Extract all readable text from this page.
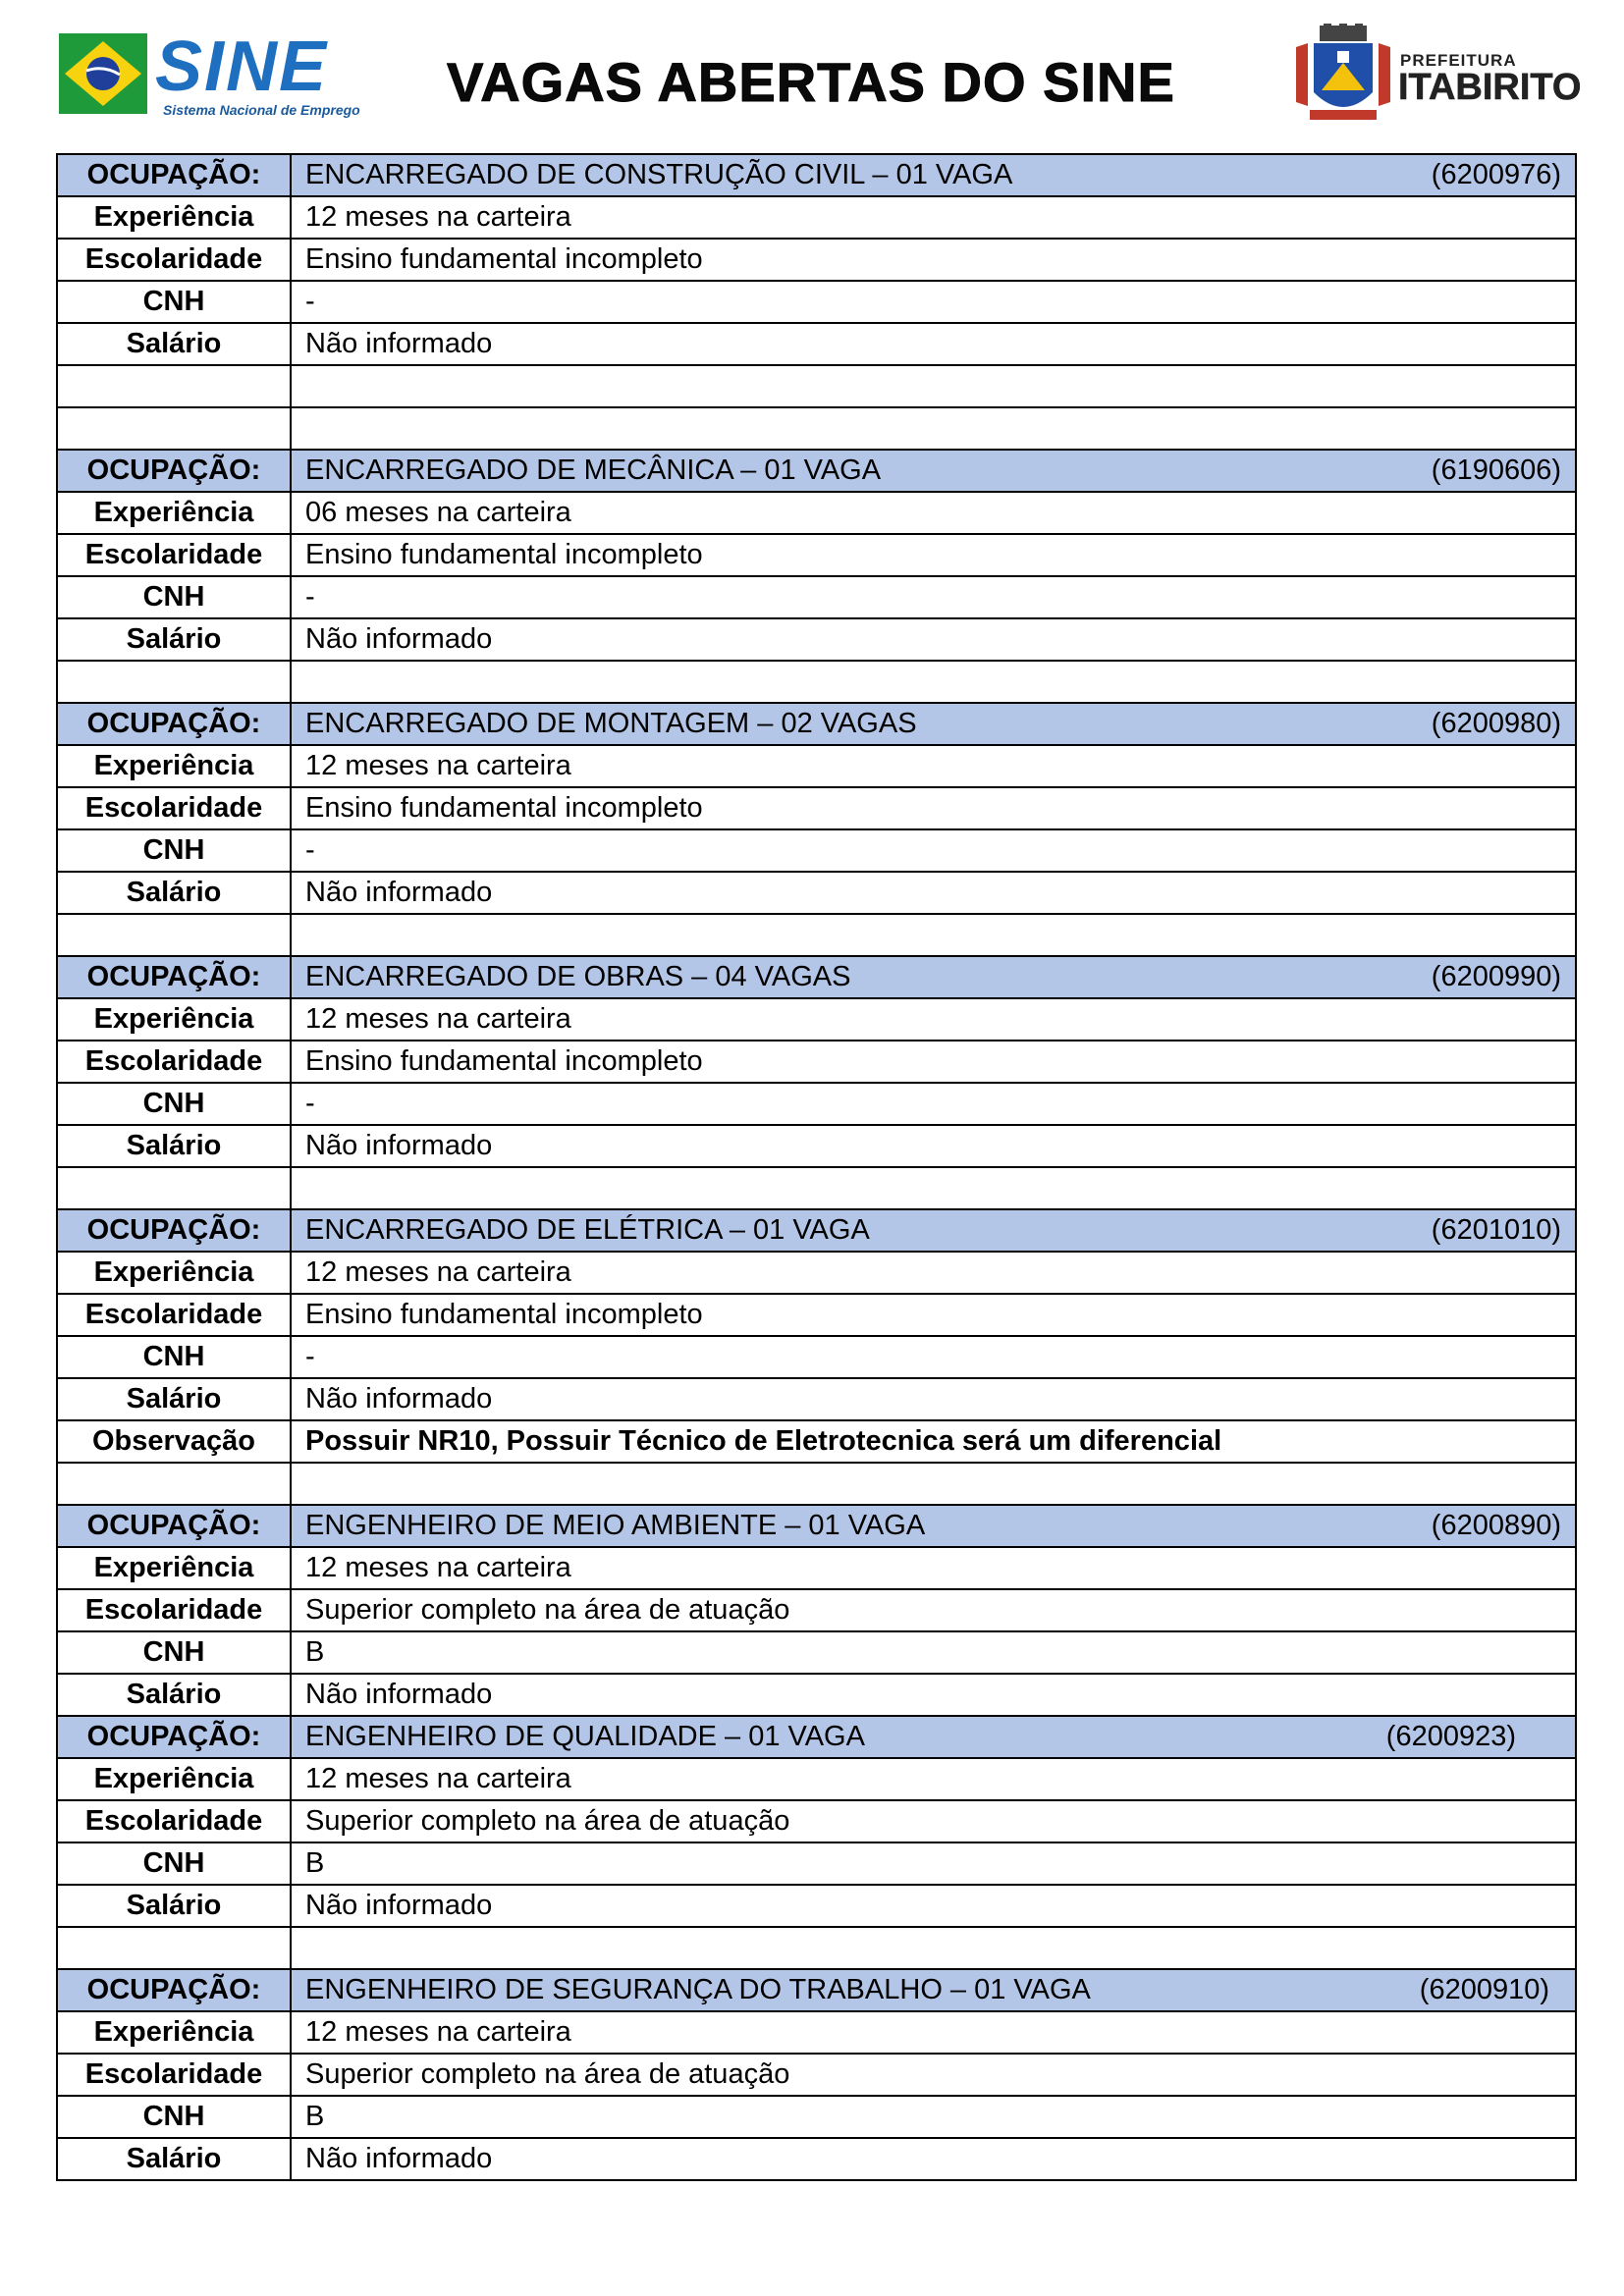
SINE
Sistema Nacional de Emprego VAGAS ABERTAS DO SINE	PREFEITURA
ITABIRITO
OCUPAÇÃO:	ENCARREGADO DE CONSTRUÇÃO CIVIL – 01 VAGA (6200976)

Experiência	12 meses na carteira
Escolaridade	Ensino fundamental incompleto
CNH	-
Salário	Não informado

OCUPAÇÃO:	ENCARREGADO DE MECÂNICA – 01 VAGA (6190606)

Experiência	06 meses na carteira
Escolaridade	Ensino fundamental incompleto
CNH	-
Salário	Não informado

OCUPAÇÃO:	ENCARREGADO DE MONTAGEM – 02 VAGAS (6200980)

Experiência	12 meses na carteira
Escolaridade	Ensino fundamental incompleto
CNH	-
Salário	Não informado

OCUPAÇÃO:	ENCARREGADO DE OBRAS – 04 VAGAS (6200990)

Experiência	12 meses na carteira
Escolaridade	Ensino fundamental incompleto
CNH	-
Salário	Não informado

OCUPAÇÃO:	ENCARREGADO DE ELÉTRICA – 01 VAGA (6201010)

Experiência	12 meses na carteira
Escolaridade	Ensino fundamental incompleto
CNH	-
Salário	Não informado
Observação	Possuir NR10, Possuir Técnico de Eletrotecnica será um diferencial

OCUPAÇÃO:	ENGENHEIRO DE MEIO AMBIENTE – 01 VAGA (6200890)

Experiência	12 meses na carteira
Escolaridade	Superior completo na área de atuação
CNH	B
Salário	Não informado
OCUPAÇÃO:	ENGENHEIRO DE QUALIDADE – 01 VAGA (6200923)

Experiência	12 meses na carteira
Escolaridade	Superior completo na área de atuação
CNH	B
Salário	Não informado

OCUPAÇÃO:	ENGENHEIRO DE SEGURANÇA DO TRABALHO – 01 VAGA (6200910)

Experiência	12 meses na carteira
Escolaridade	Superior completo na área de atuação
CNH	B
Salário	Não informado
